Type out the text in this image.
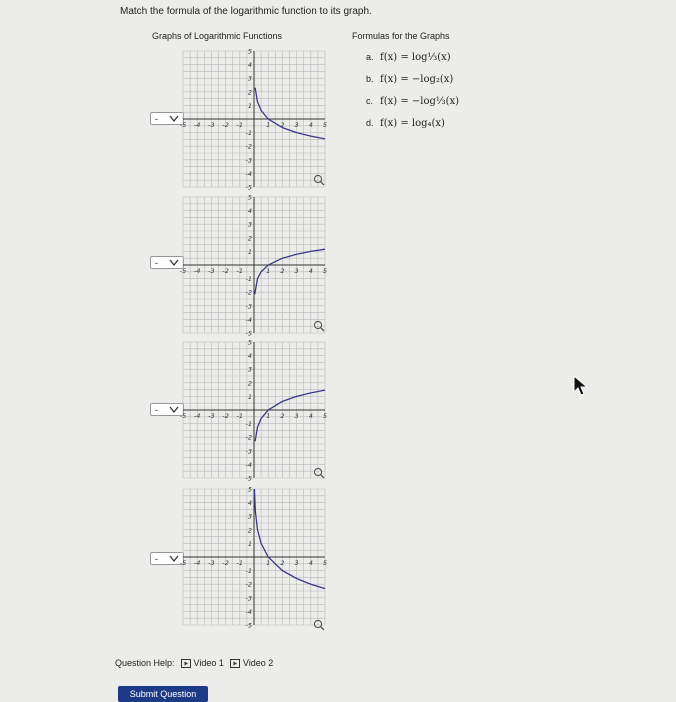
Match the formula of the logarithmic function to its graph.
Graphs of Logarithmic Functions	Formulas for the Graphs
a. f(x) = log⅓(x)
b. f(x) = −log₂(x)
c. f(x) = −log⅓(x)
d. f(x) = log₄(x)
-
-
-
-
-5 -4 -3 -2 -1	1 2 3 4 5
5
4
3
2
1
-1
-2
-3
-4
-5
-5 -4 -3 -2 -1	1 2 3 4 5
5
4
3
2
1
-1
-2
-3
-4
-5
-5 -4 -3 -2 -1	1 2 3 4 5
5
4
3
2
1
-1
-2
-3
-4
-5
-5 -4 -3 -2 -1	1 2 3 4 5
5
4
3
2
1
-1
-2
-3
-4
-5
Question Help: Video 1 Video 2
Submit Question
